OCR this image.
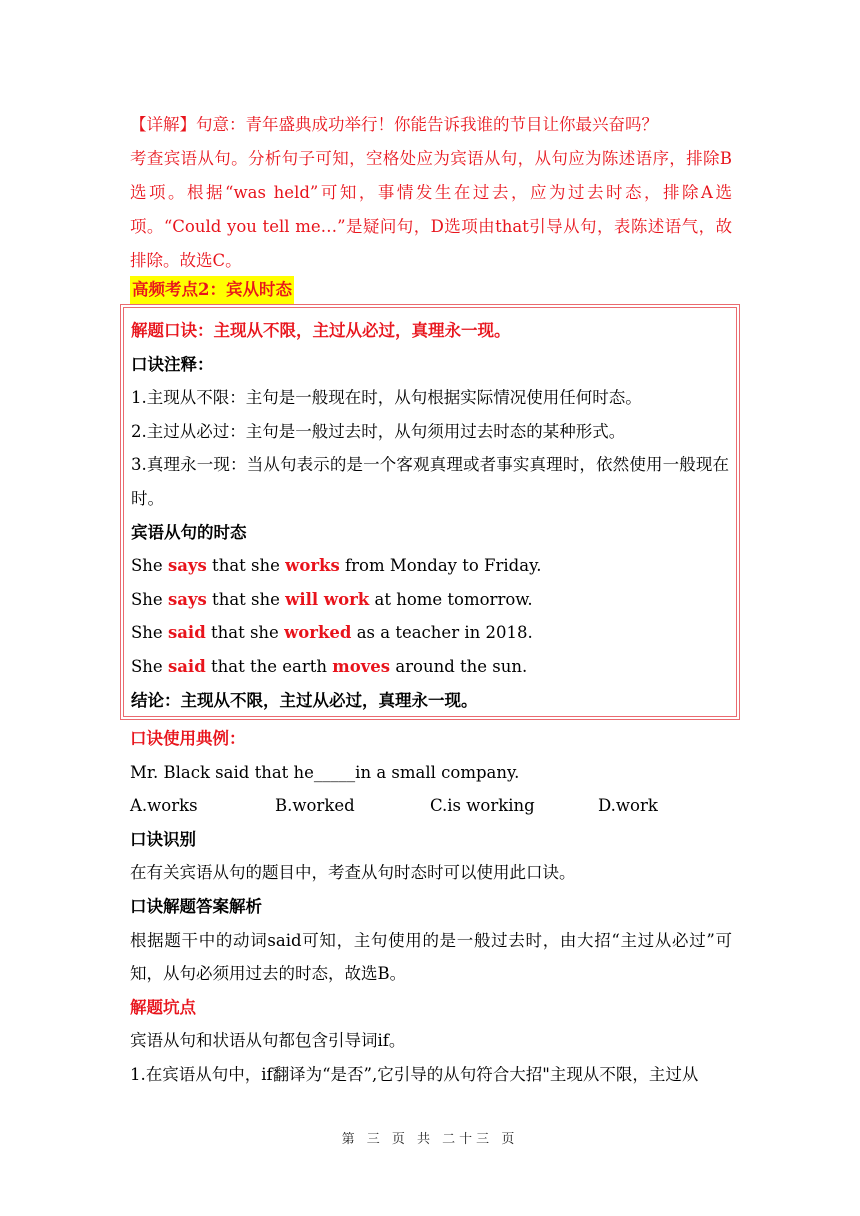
【详解】句意：青年盛典成功举行！你能告诉我谁的节目让你最兴奋吗？

考查宾语从句。分析句子可知，空格处应为宾语从句，从句应为陈述语序，排除B选项。根据“was held”可知，事情发生在过去，应为过去时态，排除A选项。“Could you tell me…”是疑问句，D选项由that引导从句，表陈述语气，故排除。故选C。

高频考点2：宾从时态

解题口诀：主现从不限，主过从必过，真理永一现。

口诀注释：

1.主现从不限：主句是一般现在时，从句根据实际情况使用任何时态。

2.主过从必过：主句是一般过去时，从句须用过去时态的某种形式。

3.真理永一现：当从句表示的是一个客观真理或者事实真理时，依然使用一般现在时。

宾语从句的时态

She says that she works from Monday to Friday.

She says that she will work at home tomorrow.

She said that she worked as a teacher in 2018.

She said that the earth moves around the sun.

结论：主现从不限，主过从必过，真理永一现。

口诀使用典例：

Mr. Black said that he_____in a small company.

A.works	B.worked	C.is working	D.work

口诀识别

在有关宾语从句的题目中，考查从句时态时可以使用此口诀。

口诀解题答案解析

根据题干中的动词said可知，主句使用的是一般过去时，由大招“主过从必过”可知，从句必须用过去的时态，故选B。

解题坑点

宾语从句和状语从句都包含引导词if。

1.在宾语从句中，if翻译为“是否”,它引导的从句符合大招"主现从不限，主过从

第 三 页 共 二十三 页
